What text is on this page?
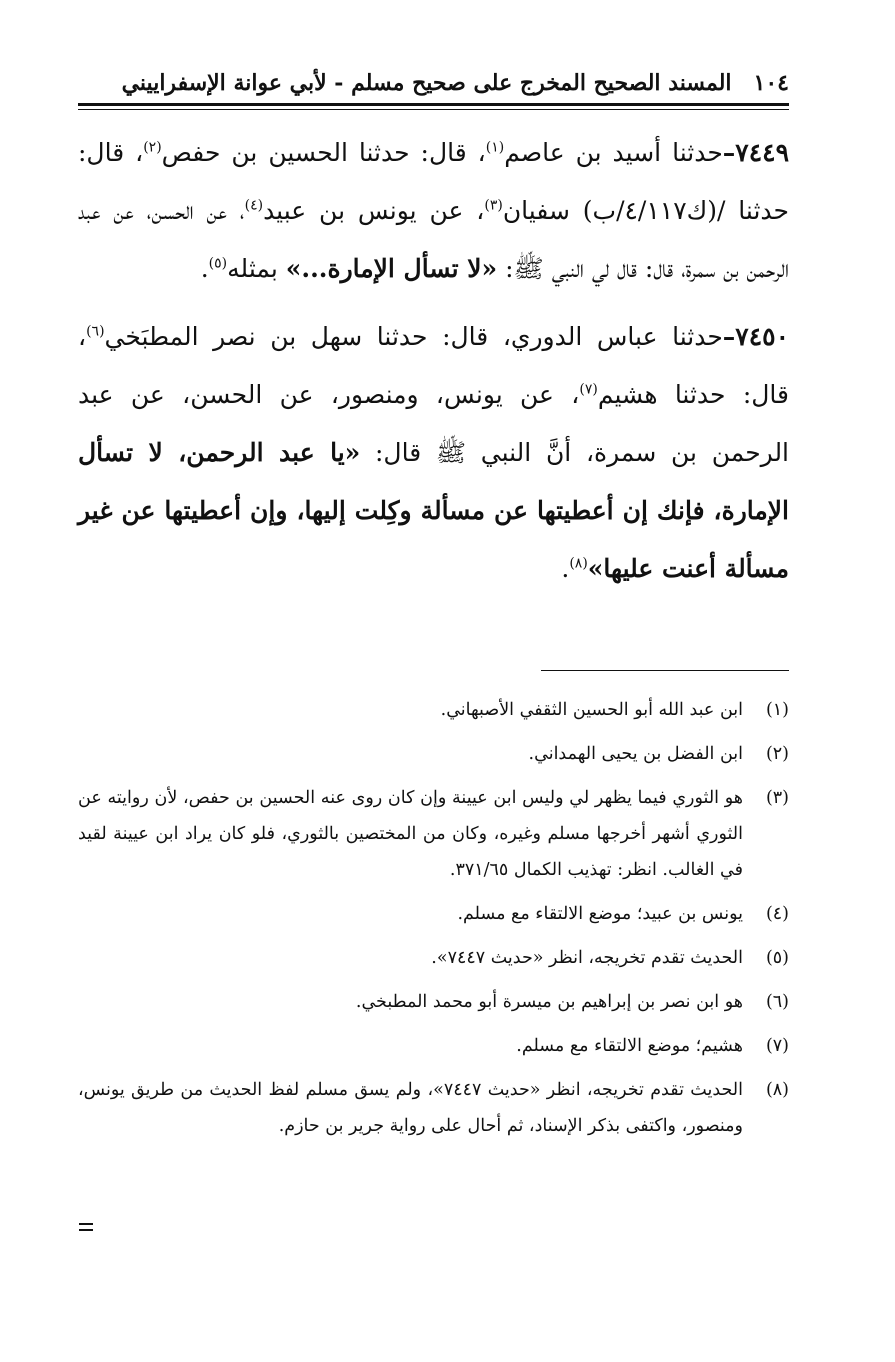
١٠٤
المسند الصحيح المخرج على صحيح مسلم - لأبي عوانة الإسفراييني

٧٤٤٩–حدثنا أسيد بن عاصم$^{(١)}$، قال: حدثنا الحسين بن حفص$^{(٢)}$، قال: حدثنا /(ك٤/١١٧/ب) سفيان$^{(٣)}$، عن يونس بن عبيد$^{(٤)}$، عن الحسن، عن عبد الرحمن بن سمرة، قال: قال لي النبي ﷺ: «لا تسأل الإمارة...» بمثله$^{(٥)}$.

٧٤٥٠–حدثنا عباس الدوري، قال: حدثنا سهل بن نصر المطبَخي$^{(٦)}$، قال: حدثنا هشيم$^{(٧)}$، عن يونس، ومنصور، عن الحسن، عن عبد الرحمن بن سمرة، أنَّ النبي ﷺ قال: «يا عبد الرحمن، لا تسأل الإمارة، فإنك إن أعطيتها عن مسألة وكِلت إليها، وإن أعطيتها عن غير مسألة أعنت عليها»$^{(٨)}$.

(١)
ابن عبد الله أبو الحسين الثقفي الأصبهاني.
(٢)
ابن الفضل بن يحيى الهمداني.
(٣)
هو الثوري فيما يظهر لي وليس ابن عيينة وإن كان روى عنه الحسين بن حفص، لأن روايته عن الثوري أشهر أخرجها مسلم وغيره، وكان من المختصين بالثوري، فلو كان يراد ابن عيينة لقيد في الغالب. انظر: تهذيب الكمال ٣٧١/٦٥.
(٤)
يونس بن عبيد؛ موضع الالتقاء مع مسلم.
(٥)
الحديث تقدم تخريجه، انظر «حديث ٧٤٤٧».
(٦)
هو ابن نصر بن إبراهيم بن ميسرة أبو محمد المطبخي.
(٧)
هشيم؛ موضع الالتقاء مع مسلم.
(٨)
الحديث تقدم تخريجه، انظر «حديث ٧٤٤٧»، ولم يسق مسلم لفظ الحديث من طريق يونس، ومنصور، واكتفى بذكر الإسناد، ثم أحال على رواية جرير بن حازم.
